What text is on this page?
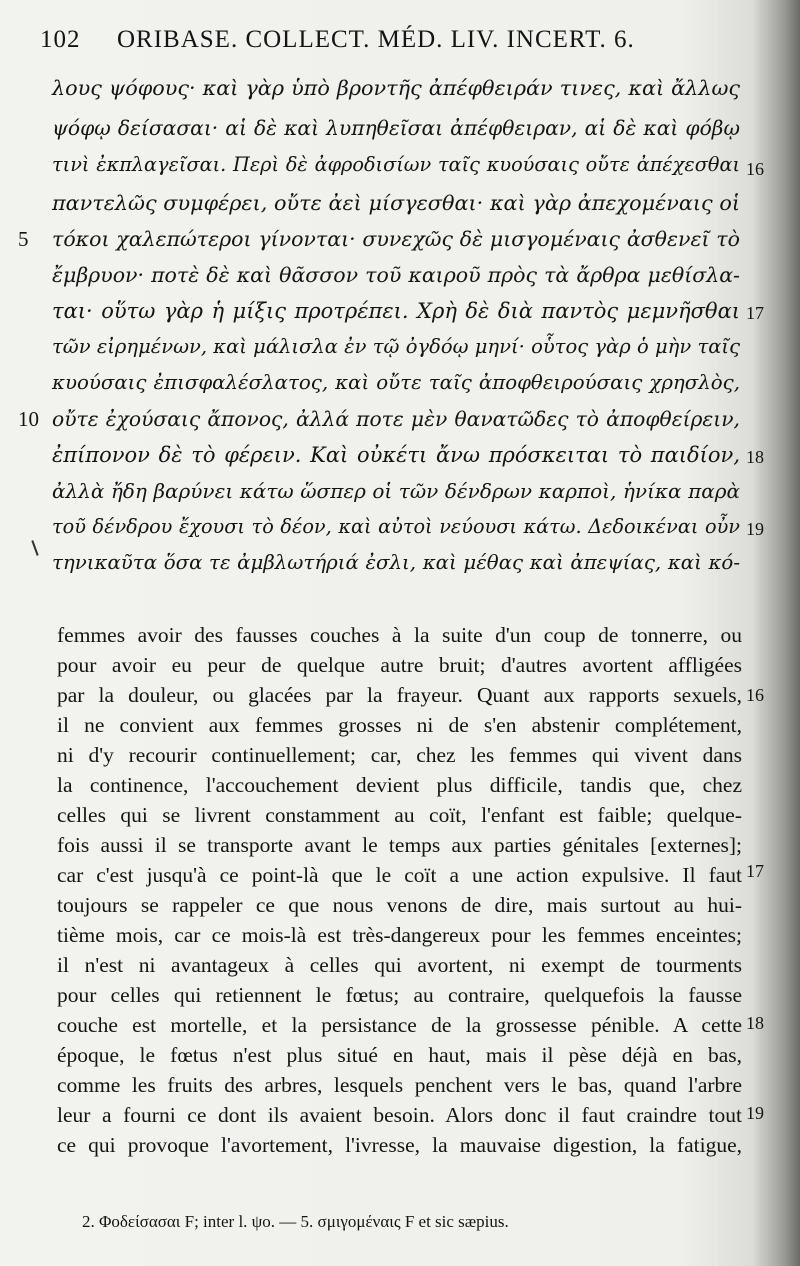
102 ORIBASE. COLLECT. MÉD. LIV. INCERT. 6.
λους ψόφους· καὶ γὰρ ὑπὸ βροντῆς ἀπέφθειράν τινες, καὶ ἄλλως
ψόφῳ δείσασαι· αἱ δὲ καὶ λυπηθεῖσαι ἀπέφθειραν, αἱ δὲ καὶ φόβῳ
τινὶ ἐκπλαγεῖσαι. Περὶ δὲ ἀφροδισίων ταῖς κυούσαις οὔτε ἀπέχεσθαι
παντελῶς συμφέρει, οὔτε ἀεὶ μίσγεσθαι· καὶ γὰρ ἀπεχομέναις οἱ
τόκοι χαλεπώτεροι γίνονται· συνεχῶς δὲ μισγομέναις ἀσθενεῖ τὸ
ἔμβρυον· ποτὲ δὲ καὶ θᾶσσον τοῦ καιροῦ πρὸς τὰ ἄρθρα μεθίσλα-
ται· οὕτω γὰρ ἡ μίξις προτρέπει. Χρὴ δὲ διὰ παντὸς μεμνῆσθαι
τῶν εἰρημένων, καὶ μάλισλα ἐν τῷ ὀγδόῳ μηνί· οὗτος γὰρ ὁ μὴν ταῖς
κυούσαις ἐπισφαλέσλατος, καὶ οὔτε ταῖς ἀποφθειρούσαις χρησλὸς,
οὔτε ἐχούσαις ἄπονος, ἀλλά ποτε μὲν θανατῶδες τὸ ἀποφθείρειν,
ἐπίπονον δὲ τὸ φέρειν. Καὶ οὐκέτι ἄνω πρόσκειται τὸ παιδίον,
ἀλλὰ ἤδη βαρύνει κάτω ὥσπερ οἱ τῶν δένδρων καρποὶ, ἡνίκα παρὰ
τοῦ δένδρου ἔχουσι τὸ δέον, καὶ αὐτοὶ νεύουσι κάτω. Δεδοικέναι οὖν
τηνικαῦτα ὅσα τε ἀμβλωτήριά ἐσλι, καὶ μέθας καὶ ἀπεψίας, καὶ κό-
5
10
16
17
18
19
femmes avoir des fausses couches à la suite d'un coup de tonnerre, ou
pour avoir eu peur de quelque autre bruit; d'autres avortent affligées
par la douleur, ou glacées par la frayeur. Quant aux rapports sexuels,
il ne convient aux femmes grosses ni de s'en abstenir complétement,
ni d'y recourir continuellement; car, chez les femmes qui vivent dans
la continence, l'accouchement devient plus difficile, tandis que, chez
celles qui se livrent constamment au coït, l'enfant est faible; quelque-
fois aussi il se transporte avant le temps aux parties génitales [externes];
car c'est jusqu'à ce point-là que le coït a une action expulsive. Il faut
toujours se rappeler ce que nous venons de dire, mais surtout au hui-
tième mois, car ce mois-là est très-dangereux pour les femmes enceintes;
il n'est ni avantageux à celles qui avortent, ni exempt de tourments
pour celles qui retiennent le fœtus; au contraire, quelquefois la fausse
couche est mortelle, et la persistance de la grossesse pénible. A cette
époque, le fœtus n'est plus situé en haut, mais il pèse déjà en bas,
comme les fruits des arbres, lesquels penchent vers le bas, quand l'arbre
leur a fourni ce dont ils avaient besoin. Alors donc il faut craindre tout
ce qui provoque l'avortement, l'ivresse, la mauvaise digestion, la fatigue,
16
17
18
19
2. Φοδείσασαι F; inter l. ψο. — 5. σμιγομέναις F et sic sæpius.
